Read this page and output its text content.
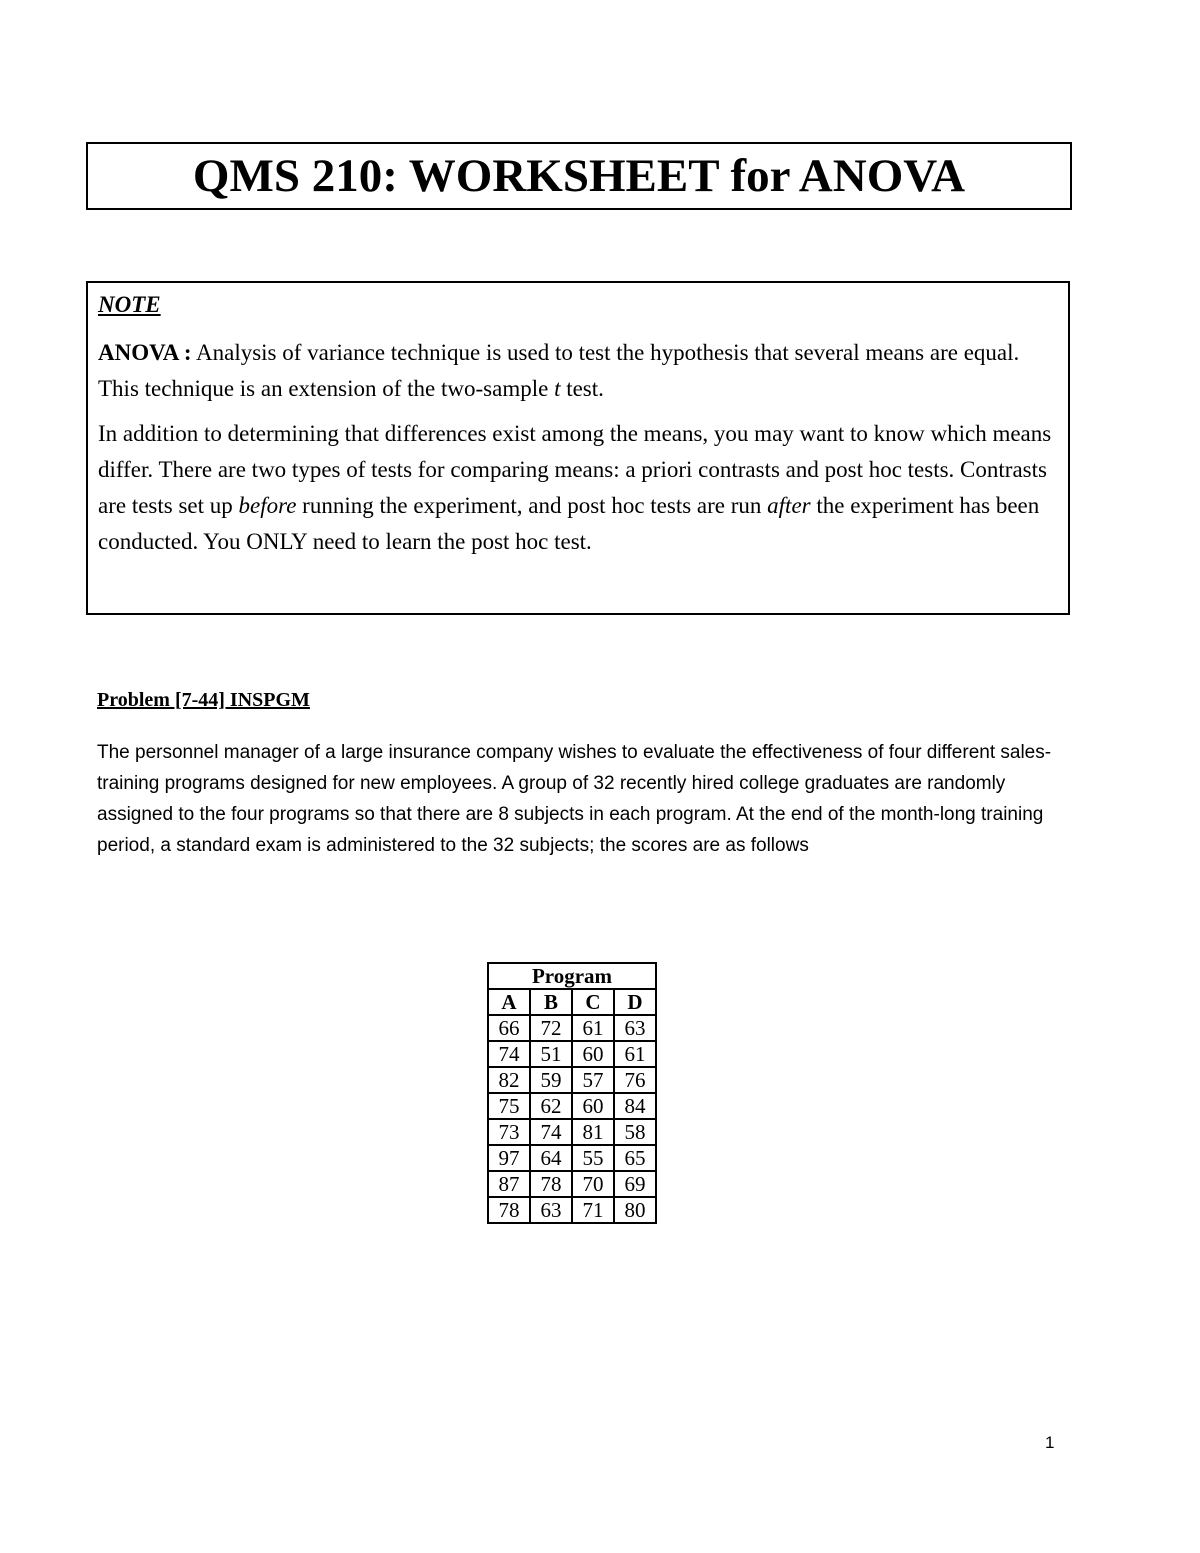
QMS 210: WORKSHEET for ANOVA

NOTE

ANOVA : Analysis of variance technique is used to test the hypothesis that several means are equal. This technique is an extension of the two-sample t test.

In addition to determining that differences exist among the means, you may want to know which means differ. There are two types of tests for comparing means: a priori contrasts and post hoc tests. Contrasts are tests set up before running the experiment, and post hoc tests are run after the experiment has been conducted. You ONLY need to learn the post hoc test.

Problem [7-44] INSPGM

The personnel manager of a large insurance company wishes to evaluate the effectiveness of four different sales-training programs designed for new employees. A group of 32 recently hired college graduates are randomly assigned to the four programs so that there are 8 subjects in each program. At the end of the month-long training period, a standard exam is administered to the 32 subjects; the scores are as follows

Program			
A	B	C	D
66	72	61	63
74	51	60	61
82	59	57	76
75	62	60	84
73	74	81	58
97	64	55	65
87	78	70	69
78	63	71	80
1
